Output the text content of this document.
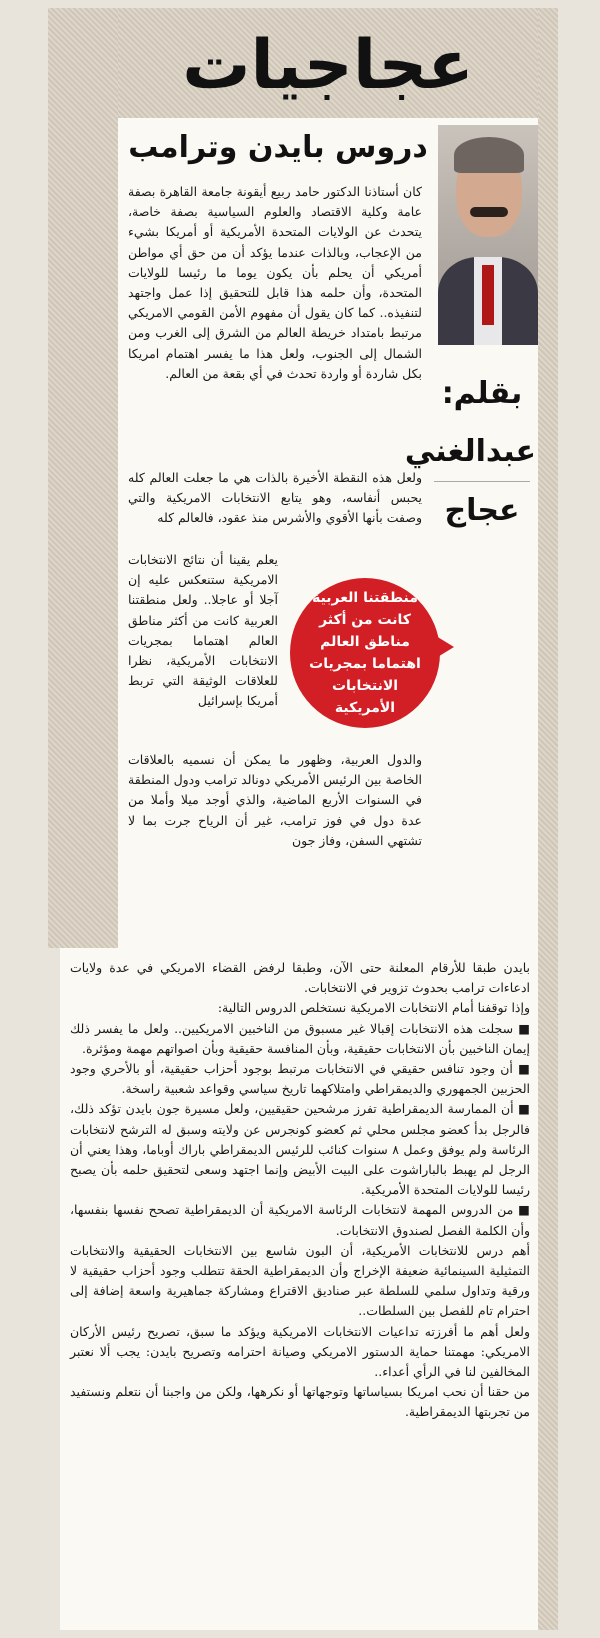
عجاجيات
دروس بايدن وترامب
بقلم:
عبدالغني
عجاج
كان أستاذنا الدكتور حامد ربيع أيقونة جامعة القاهرة بصفة عامة وكلية الاقتصاد والعلوم السياسية بصفة خاصة، يتحدث عن الولايات المتحدة الأمريكية أو أمريكا بشيء من الإعجاب، وبالذات عندما يؤكد أن من حق أي مواطن أمريكي أن يحلم بأن يكون يوما ما رئيسا للولايات المتحدة، وأن حلمه هذا قابل للتحقيق إذا عمل واجتهد لتنفيذه.. كما كان يقول أن مفهوم الأمن القومي الامريكي مرتبط بامتداد خريطة العالم من الشرق إلى الغرب ومن الشمال إلى الجنوب، ولعل هذا ما يفسر اهتمام امريكا بكل شاردة أو واردة تحدث في أي بقعة من العالم.
ولعل هذه النقطة الأخيرة بالذات هي ما جعلت العالم كله يحبس أنفاسه، وهو يتابع الانتخابات الامريكية والتي وصفت بأنها الأقوي والأشرس منذ عقود، فالعالم كله
يعلم يقينا أن نتائج الانتخابات الامريكية ستنعكس عليه إن آجلا أو عاجلا.. ولعل منطقتنا العربية كانت من أكثر مناطق العالم اهتماما بمجريات الانتخابات الأمريكية، نظرا للعلاقات الوثيقة التي تربط أمريكا بإسرائيل
والدول العربية، وظهور ما يمكن أن نسميه بالعلاقات الخاصة بين الرئيس الأمريكي دونالد ترامب ودول المنطقة في السنوات الأربع الماضية، والذي أوجد ميلا وأملا من عدة دول في فوز ترامب، غير أن الرياح جرت بما لا تشتهي السفن، وفاز جون
منطقتنا العربية كانت من أكثر مناطق العالم اهتماما بمجريات الانتخابات الأمريكية
بايدن طبقا للأرقام المعلنة حتى الآن، وطبقا لرفض القضاء الامريكي في عدة ولايات ادعاءات ترامب بحدوث تزوير في الانتخابات.
وإذا توقفنا أمام الانتخابات الامريكية نستخلص الدروس التالية:
■ سجلت هذه الانتخابات إقبالا غير مسبوق من الناخبين الامريكيين.. ولعل ما يفسر ذلك إيمان الناخبين بأن الانتخابات حقيقية، وبأن المنافسة حقيقية وبأن اصواتهم مهمة ومؤثرة.
■ أن وجود تنافس حقيقي في الانتخابات مرتبط بوجود أحزاب حقيقية، أو بالأحري وجود الحزبين الجمهوري والديمقراطي وامتلاكهما تاريخ سياسي وقواعد شعبية راسخة.
■ أن الممارسة الديمقراطية تفرز مرشحين حقيقيين، ولعل مسيرة جون بايدن تؤكد ذلك، فالرجل بدأ كعضو مجلس محلي ثم كعضو كونجرس عن ولايته وسبق له الترشح لانتخابات الرئاسة ولم يوفق وعمل ٨ سنوات كنائب للرئيس الديمقراطي باراك أوباما، وهذا يعني أن الرجل لم يهبط بالباراشوت على البيت الأبيض وإنما اجتهد وسعى لتحقيق حلمه بأن يصبح رئيسا للولايات المتحدة الأمريكية.
■ من الدروس المهمة لانتخابات الرئاسة الامريكية أن الديمقراطية تصحح نفسها بنفسها، وأن الكلمة الفصل لصندوق الانتخابات.
أهم درس للانتخابات الأمريكية، أن البون شاسع بين الانتخابات الحقيقية والانتخابات التمثيلية السينمائية ضعيفة الإخراج وأن الديمقراطية الحقة تتطلب وجود أحزاب حقيقية لا ورقية وتداول سلمي للسلطة عبر صناديق الاقتراع ومشاركة جماهيرية واسعة إضافة إلى احترام تام للفصل بين السلطات..
ولعل أهم ما أفرزته تداعيات الانتخابات الامريكية ويؤكد ما سبق، تصريح رئيس الأركان الامريكي: مهمتنا حماية الدستور الامريكي وصيانة احترامه وتصريح بايدن: يجب ألا نعتبر المخالفين لنا في الرأي أعداء..
من حقنا أن نحب امريكا بسياساتها وتوجهاتها أو نكرهها، ولكن من واجبنا أن نتعلم ونستفيد من تجربتها الديمقراطية.
